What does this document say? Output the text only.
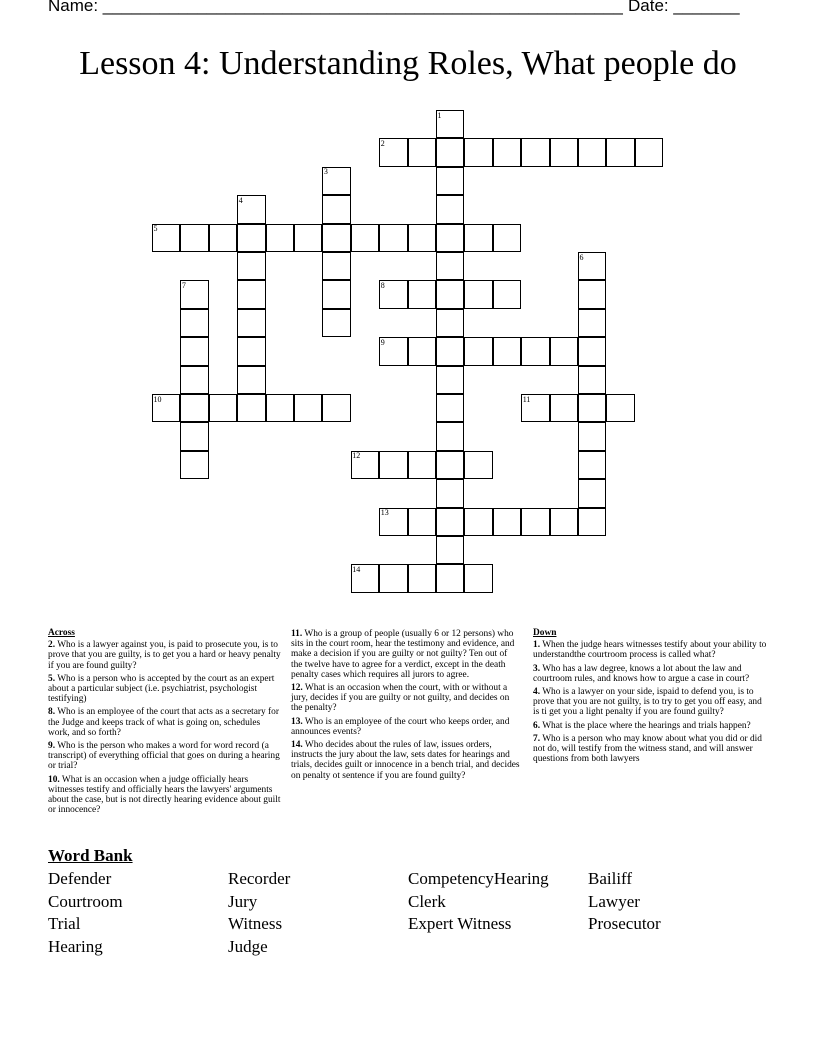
Name: _______________________________________________________ Date: _______
Lesson 4: Understanding Roles, What people do
1
2
3
4
5
6
7	8
9
10	11
12
13
14
Across
2. Who is a lawyer against you, is paid to prosecute you, is to prove that you are guilty, is to get you a hard or heavy penalty if you are found guilty?
5. Who is a person who is accepted by the court as an expert about a particular subject (i.e. psychiatrist, psychologist testifying)
8. Who is an employee of the court that acts as a secretary for the Judge and keeps track of what is going on, schedules work, and so forth?
9. Who is the person who makes a word for word record (a transcript) of everything official that goes on during a hearing or trial?
10. What is an occasion when a judge officially hears witnesses testify and officially hears the lawyers' arguments about the case, but is not directly hearing evidence about guilt or innocence?
11. Who is a group of people (usually 6 or 12 persons) who sits in the court room, hear the testimony and evidence, and make a decision if you are guilty or not guilty? Ten out of the twelve have to agree for a verdict, except in the death penalty cases which requires all jurors to agree.
12. What is an occasion when the court, with or without a jury, decides if you are guilty or not guilty, and decides on the penalty?
13. Who is an employee of the court who keeps order, and announces events?
14. Who decides about the rules of law, issues orders, instructs the jury about the law, sets dates for hearings and trials, decides guilt or innocence in a bench trial, and decides on penalty ot sentence if you are found guilty?
Down
1. When the judge hears witnesses testify about your ability to understandthe courtroom process is called what?
3. Who has a law degree, knows a lot about the law and courtroom rules, and knows how to argue a case in court?
4. Who is a lawyer on your side, ispaid to defend you, is to prove that you are not guilty, is to try to get you off easy, and is ti get you a light penalty if you are found guilty?
6. What is the place where the hearings and trials happen?
7. Who is a person who may know about what you did or did not do, will testify from the witness stand, and will answer questions from both lawyers
Word Bank
Defender
Courtroom
Trial
Hearing
Recorder
Jury
Witness
Judge
CompetencyHearing
Clerk
Expert Witness
Bailiff
Lawyer
Prosecutor
